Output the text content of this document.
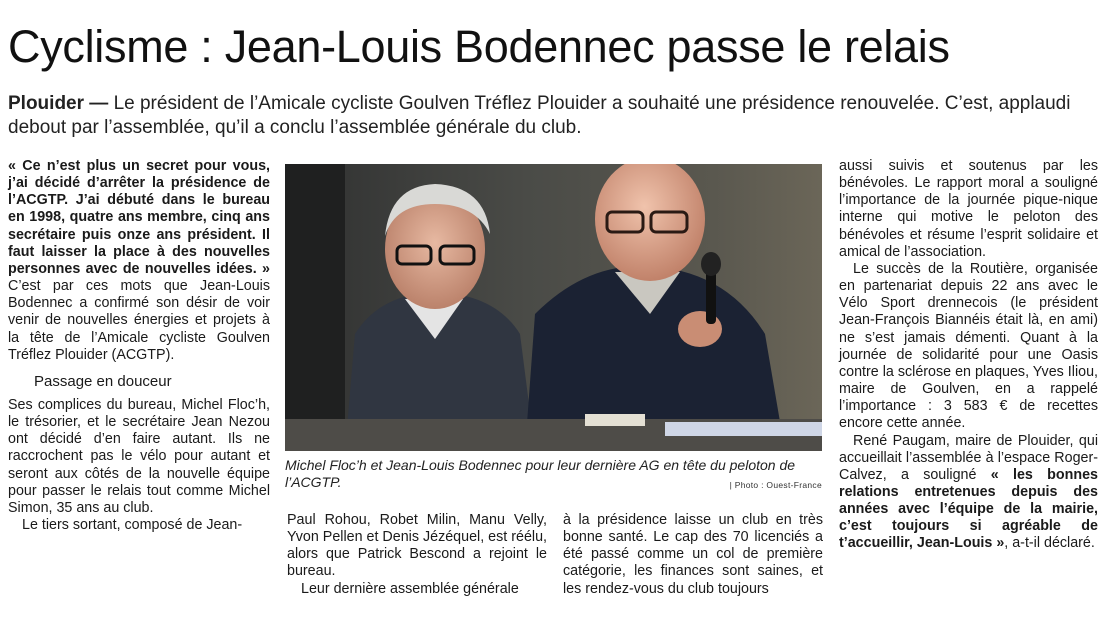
Cyclisme : Jean-Louis Bodennec passe le relais

Plouider — Le président de l’Amicale cycliste Goulven Tréflez Plouider a souhaité une présidence renouvelée. C’est, applaudi debout par l’assemblée, qu’il a conclu l’assemblée générale du club.

« Ce n’est plus un secret pour vous, j’ai décidé d’arrêter la présidence de l’ACGTP. J’ai débuté dans le bureau en 1998, quatre ans membre, cinq ans secrétaire puis onze ans président. Il faut laisser la place à des nouvelles personnes avec de nouvelles idées. » C’est par ces mots que Jean-Louis Bodennec a confirmé son désir de voir venir de nouvelles énergies et projets à la tête de l’Amicale cycliste Goulven Tréflez Plouider (ACGTP).

Passage en douceur

Ses complices du bureau, Michel Floc’h, le trésorier, et le secrétaire Jean Nezou ont décidé d’en faire autant. Ils ne raccrochent pas le vélo pour autant et seront aux côtés de la nouvelle équipe pour passer le relais tout comme Michel Simon, 35 ans au club.

Le tiers sortant, composé de Jean-

Michel Floc’h et Jean-Louis Bodennec pour leur dernière AG en tête du peloton de l’ACGTP.	| Photo : Ouest-France

Paul Rohou, Robet Milin, Manu Velly, Yvon Pellen et Denis Jézéquel, est réélu, alors que Patrick Bescond a rejoint le bureau.

Leur dernière assemblée générale

à la présidence laisse un club en très bonne santé. Le cap des 70 licenciés a été passé comme un col de première catégorie, les finances sont saines, et les rendez-vous du club toujours

aussi suivis et soutenus par les bénévoles. Le rapport moral a souligné l’importance de la journée pique-nique interne qui motive le peloton des bénévoles et résume l’esprit solidaire et amical de l’association.

Le succès de la Routière, organisée en partenariat depuis 22 ans avec le Vélo Sport drennecois (le président Jean-François Biannéis était là, en ami) ne s’est jamais démenti. Quant à la journée de solidarité pour une Oasis contre la sclérose en plaques, Yves Iliou, maire de Goulven, en a rappelé l’importance : 3 583 € de recettes encore cette année.

René Paugam, maire de Plouider, qui accueillait l’assemblée à l’espace Roger-Calvez, a souligné « les bonnes relations entretenues depuis des années avec l’équipe de la mairie, c’est toujours si agréable de t’accueillir, Jean-Louis », a-t-il déclaré.
